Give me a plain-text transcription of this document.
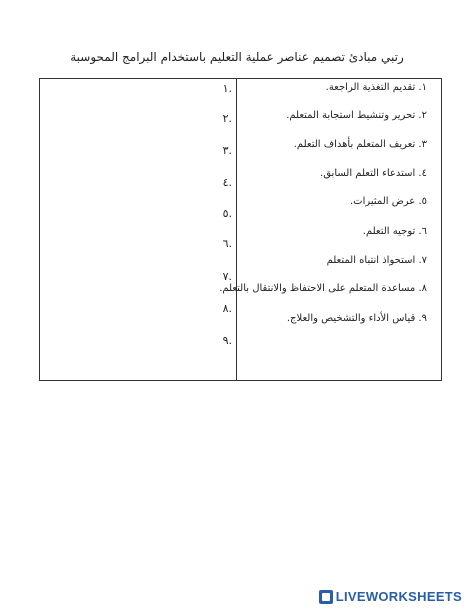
رتبي مبادئ تصميم عناصر عملية التعليم باستخدام البرامج المحوسبة
١. تقديم التغذية الراجعة.
٢. تحرير وتنشيط استجابة المتعلم.
٣. تعريف المتعلم بأهداف التعلم.
٤. استدعاء التعلم السابق.
٥. عرض المثيرات.
٦. توجيه التعلم.
٧. استحواذ انتباه المتعلم
٨. مساعدة المتعلم على الاحتفاظ والانتقال بالتعلم.
٩. قياس الأداء والتشخيص والعلاج.
.١
.٢
.٣
.٤
.٥
.٦
.٧
.٨
.٩
LIVEWORKSHEETS
